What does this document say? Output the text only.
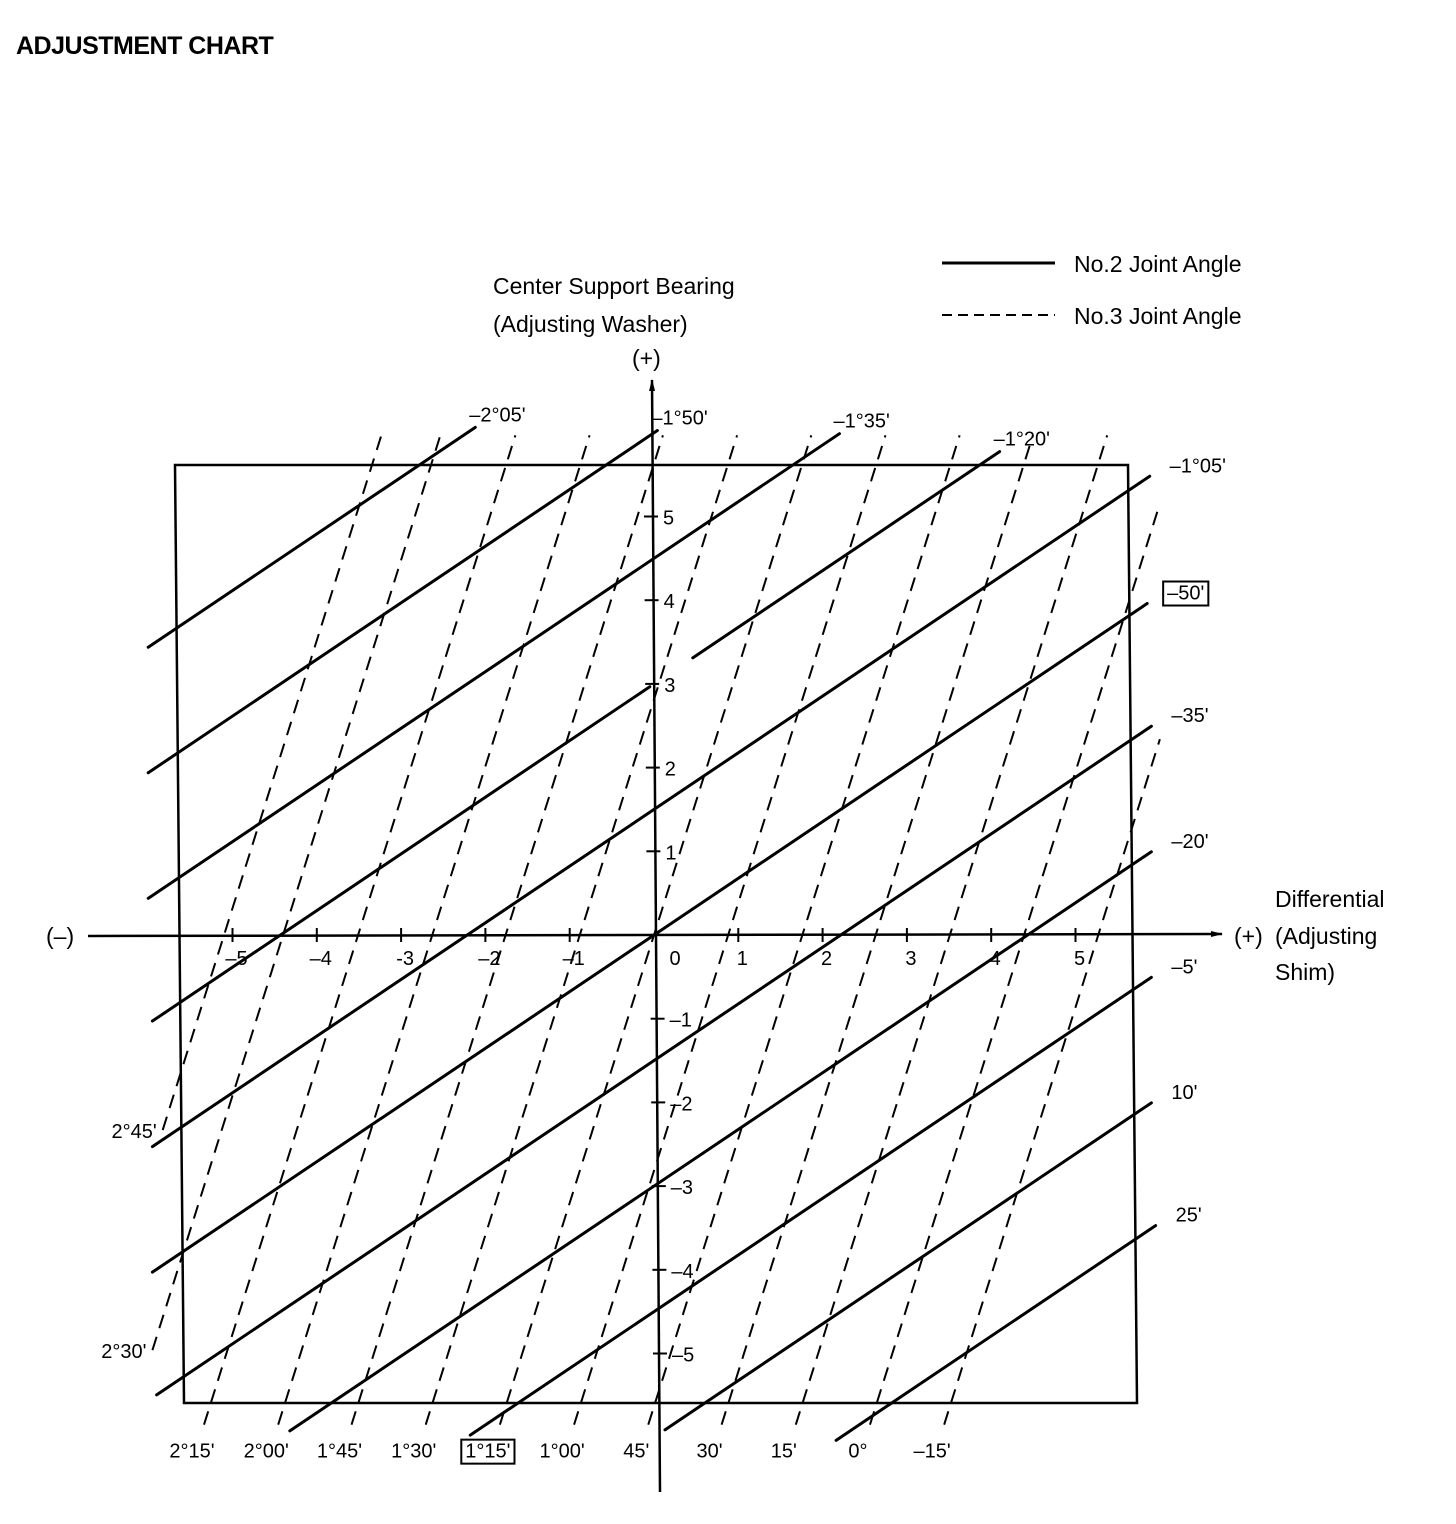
ADJUSTMENT CHART
–2°05'	–1°50'	–1°35'
–1°20'
–1°05'
–50'
–35'
–20'
–5'
10'
25'
2°45'
2°30'
2°15' 2°00' 1°45' 1°30' 1°15' 1°00' 45' 30' 15'	0° –15'
–5	–4	-3	–2	–1	0	1	2	3	4	5
5
4
3
2
1
–1
–2
–3
–4
–5
Center Support Bearing
(Adjusting Washer)
(+)
(–)	(+)
Differential
(Adjusting
Shim)
No.2 Joint Angle
No.3 Joint Angle
